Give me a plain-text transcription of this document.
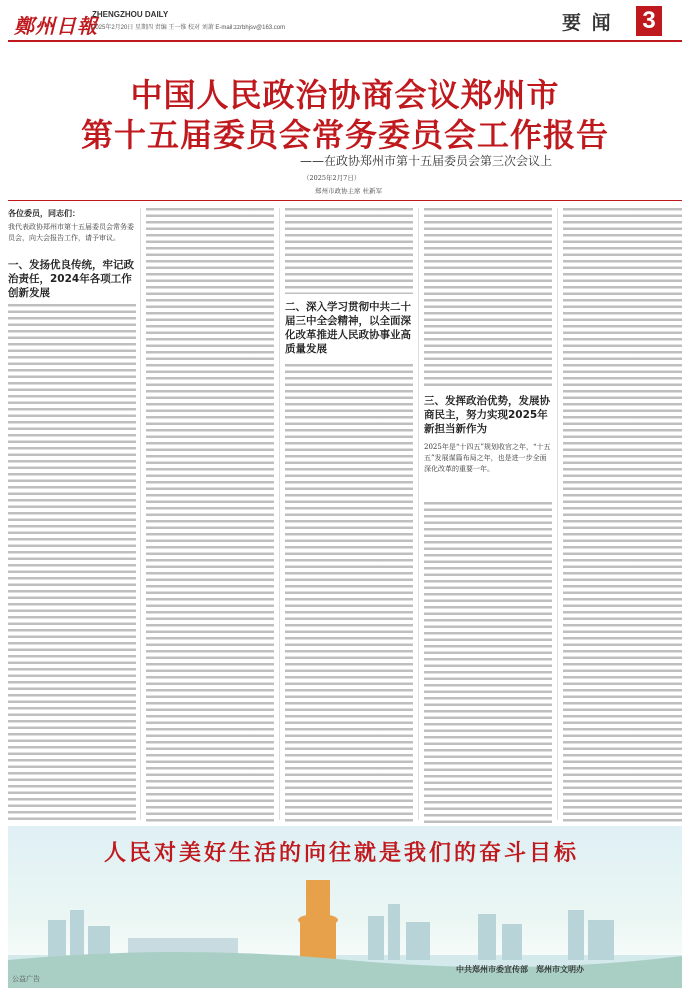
鄭州日報
ZHENGZHOU DAILY
2025年2月20日 星期四 责编 王一惟 校对 刘萧 E-mail:zzrbhjsv@163.com	要 闻 3
中国人民政治协商会议郑州市
第十五届委员会常务委员会工作报告
——在政协郑州市第十五届委员会第三次会议上
（2025年2月7日）
郑州市政协主席 杜新军
各位委员，同志们：
我代表政协郑州市第十五届委员会常务委员会，向大会报告工作，请予审议。
一、发扬优良传统，牢记政治责任，2024年各项工作创新发展
二、深入学习贯彻中共二十届三中全会精神，以全面深化改革推进人民政协事业高质量发展
三、发挥政治优势，发展协商民主，努力实现2025年新担当新作为
2025年是“十四五”规划收官之年，“十五五”发展谋篇布局之年，也是进一步全面深化改革的重要一年。
人民对美好生活的向往就是我们的奋斗目标
中共郑州市委宣传部　郑州市文明办
公益广告
